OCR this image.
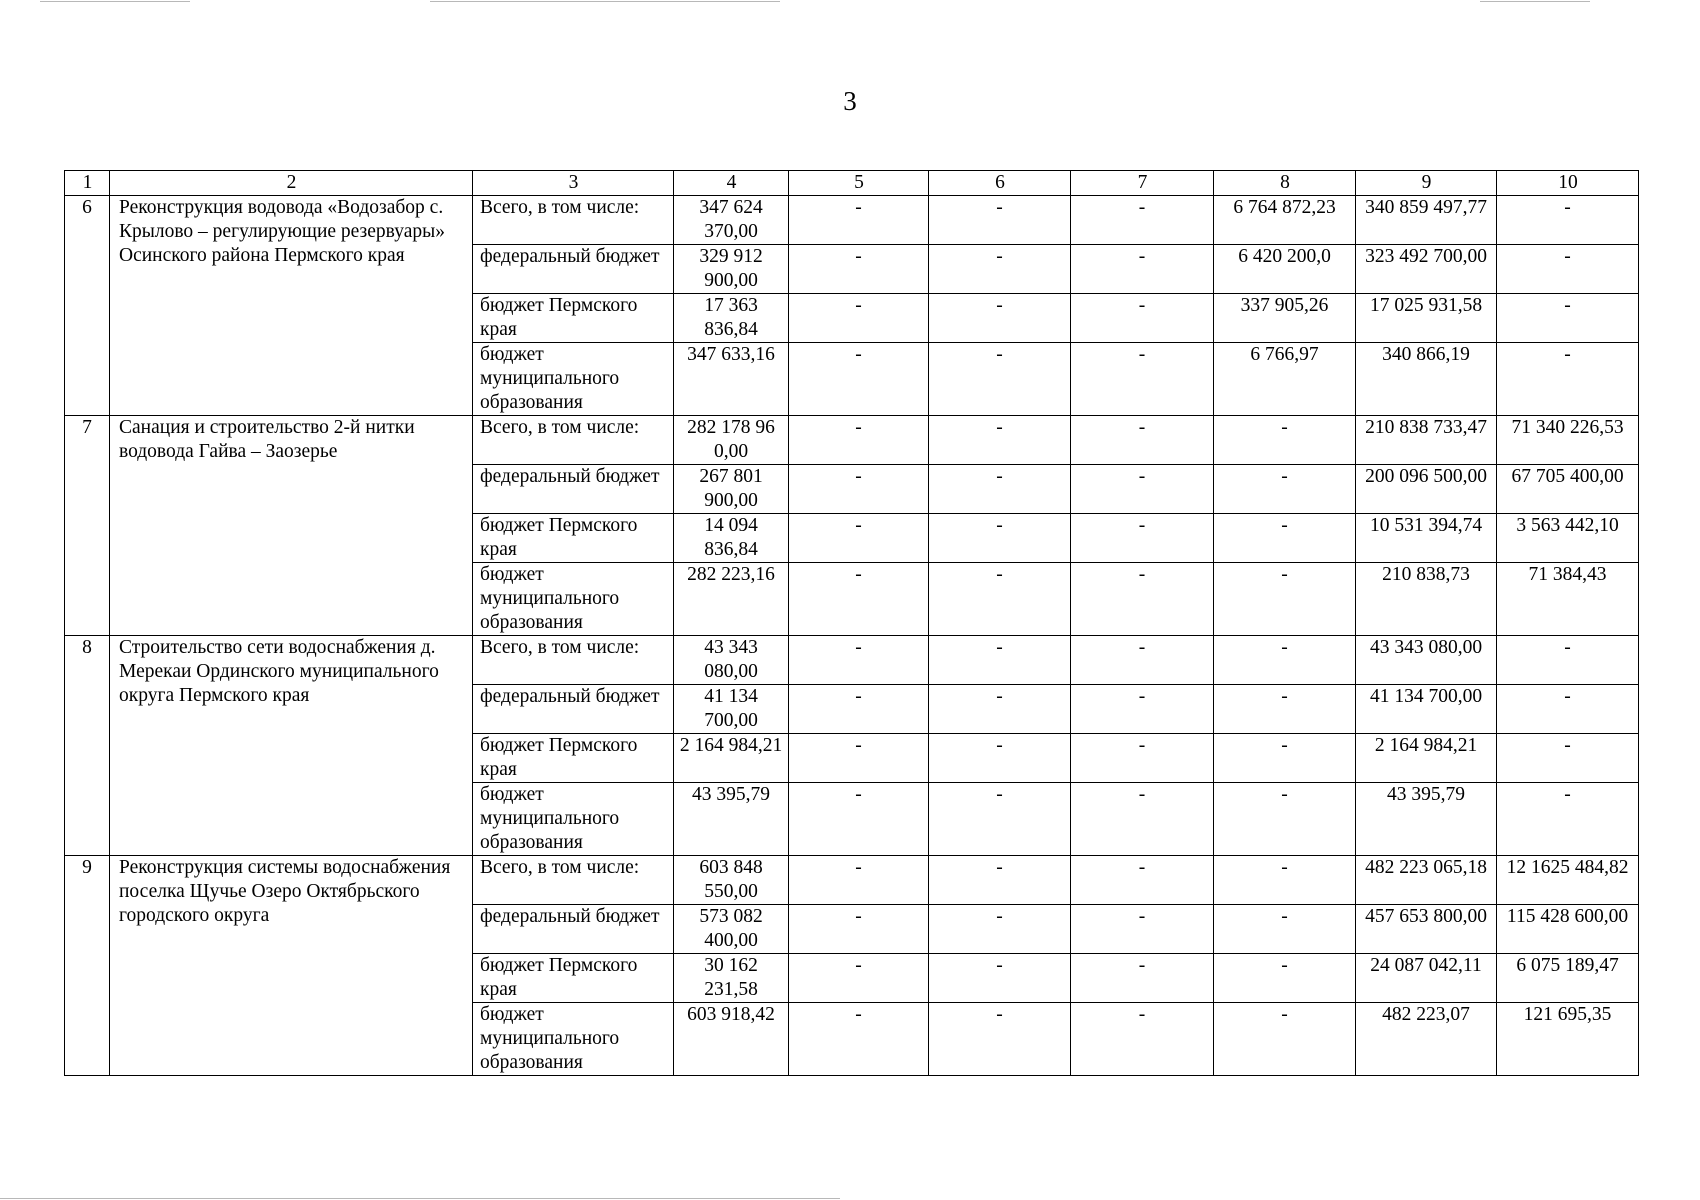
3
1	2	3	4	5	6	7	8	9	10
6	Реконструкция водовода «Водозабор с. Крылово – регулирующие резервуары» Осинского района Пермского края	Всего, в том числе:	347 624 370,00	-	-	-	6 764 872,23	340 859 497,77	-
		федеральный бюджет	329 912 900,00	-	-	-	6 420 200,0	323 492 700,00	-
		бюджет Пермского края	17 363 836,84	-	-	-	337 905,26	17 025 931,58	-
		бюджет муниципального образования	347 633,16	-	-	-	6 766,97	340 866,19	-
7	Санация и строительство 2-й нитки водовода Гайва – Заозерье	Всего, в том числе:	282 178 96 0,00	-	-	-	-	210 838 733,47	71 340 226,53
		федеральный бюджет	267 801 900,00	-	-	-	-	200 096 500,00	67 705 400,00
		бюджет Пермского края	14 094 836,84	-	-	-	-	10 531 394,74	3 563 442,10
		бюджет муниципального образования	282 223,16	-	-	-	-	210 838,73	71 384,43
8	Строительство сети водоснабжения д. Мерекаи Ординского муниципального округа Пермского края	Всего, в том числе:	43 343 080,00	-	-	-	-	43 343 080,00	-
		федеральный бюджет	41 134 700,00	-	-	-	-	41 134 700,00	-
		бюджет Пермского края	2 164 984,21	-	-	-	-	2 164 984,21	-
		бюджет муниципального образования	43 395,79	-	-	-	-	43 395,79	-
9	Реконструкция системы водоснабжения поселка Щучье Озеро Октябрьского городского округа	Всего, в том числе:	603 848 550,00	-	-	-	-	482 223 065,18	12 1625 484,82
		федеральный бюджет	573 082 400,00	-	-	-	-	457 653 800,00	115 428 600,00
		бюджет Пермского края	30 162 231,58	-	-	-	-	24 087 042,11	6 075 189,47
		бюджет муниципального образования	603 918,42	-	-	-	-	482 223,07	121 695,35
